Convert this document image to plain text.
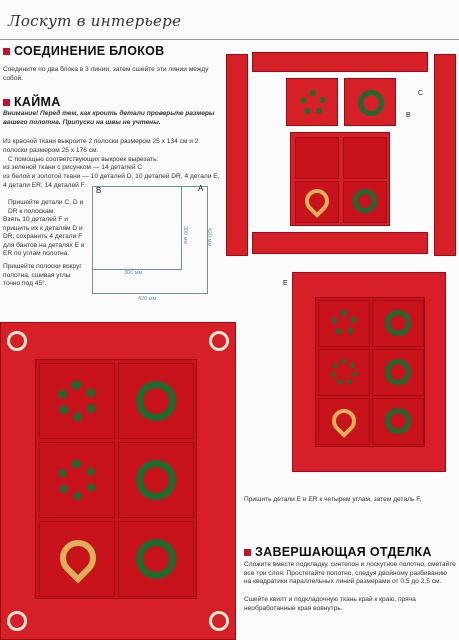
Лоскут в интерьере
СОЕДИНЕНИЕ БЛОКОВ
Соедините по два блока в 3 линии, затем сшейте эти линии между собой.
КАЙМА
Внимание! Перед тем, как кроить детали проверьте размеры вашего полотна. Припуски на швы не учтены.
Из красной ткани выкроите 2 полоски размером 25 х 134 см и 2 полоски размером 25 х 176 см.
С помощью соответствующих выкроек вырезать:
из зеленой ткани с рисунком — 14 деталей C
из белой и золотой ткани — 10 деталей D, 10 деталей DR, 4 детали E, 4 детали ER, 14 деталей F.
Пришейте детали C, D и DR к полоскам.
Взять 10 деталей F и пришить их к деталям D и DR, сохранить 4 детали F для бантов на деталях E и ER по углам полотна.
Пришейте полоски вокруг полотна, сшивая углы точно под 45°.
B	A
300 мм
300 мм
420 мм
420 мм
C
B
E
Пришить детали E и ER к четырем углам, затем деталь F.
ЗАВЕРШАЮЩАЯ ОТДЕЛКА
Сложите вместе подкладку, синтепон и лоскутное полотно, сметайте все три слоя. Простегайте полотно, следуя двойному разбиванию на квадратики параллельных линий размерами от 0,5 до 2,5 см.
Сшейте квилт и подкладочную ткань край к краю, пряча необработанные края вовнутрь.
